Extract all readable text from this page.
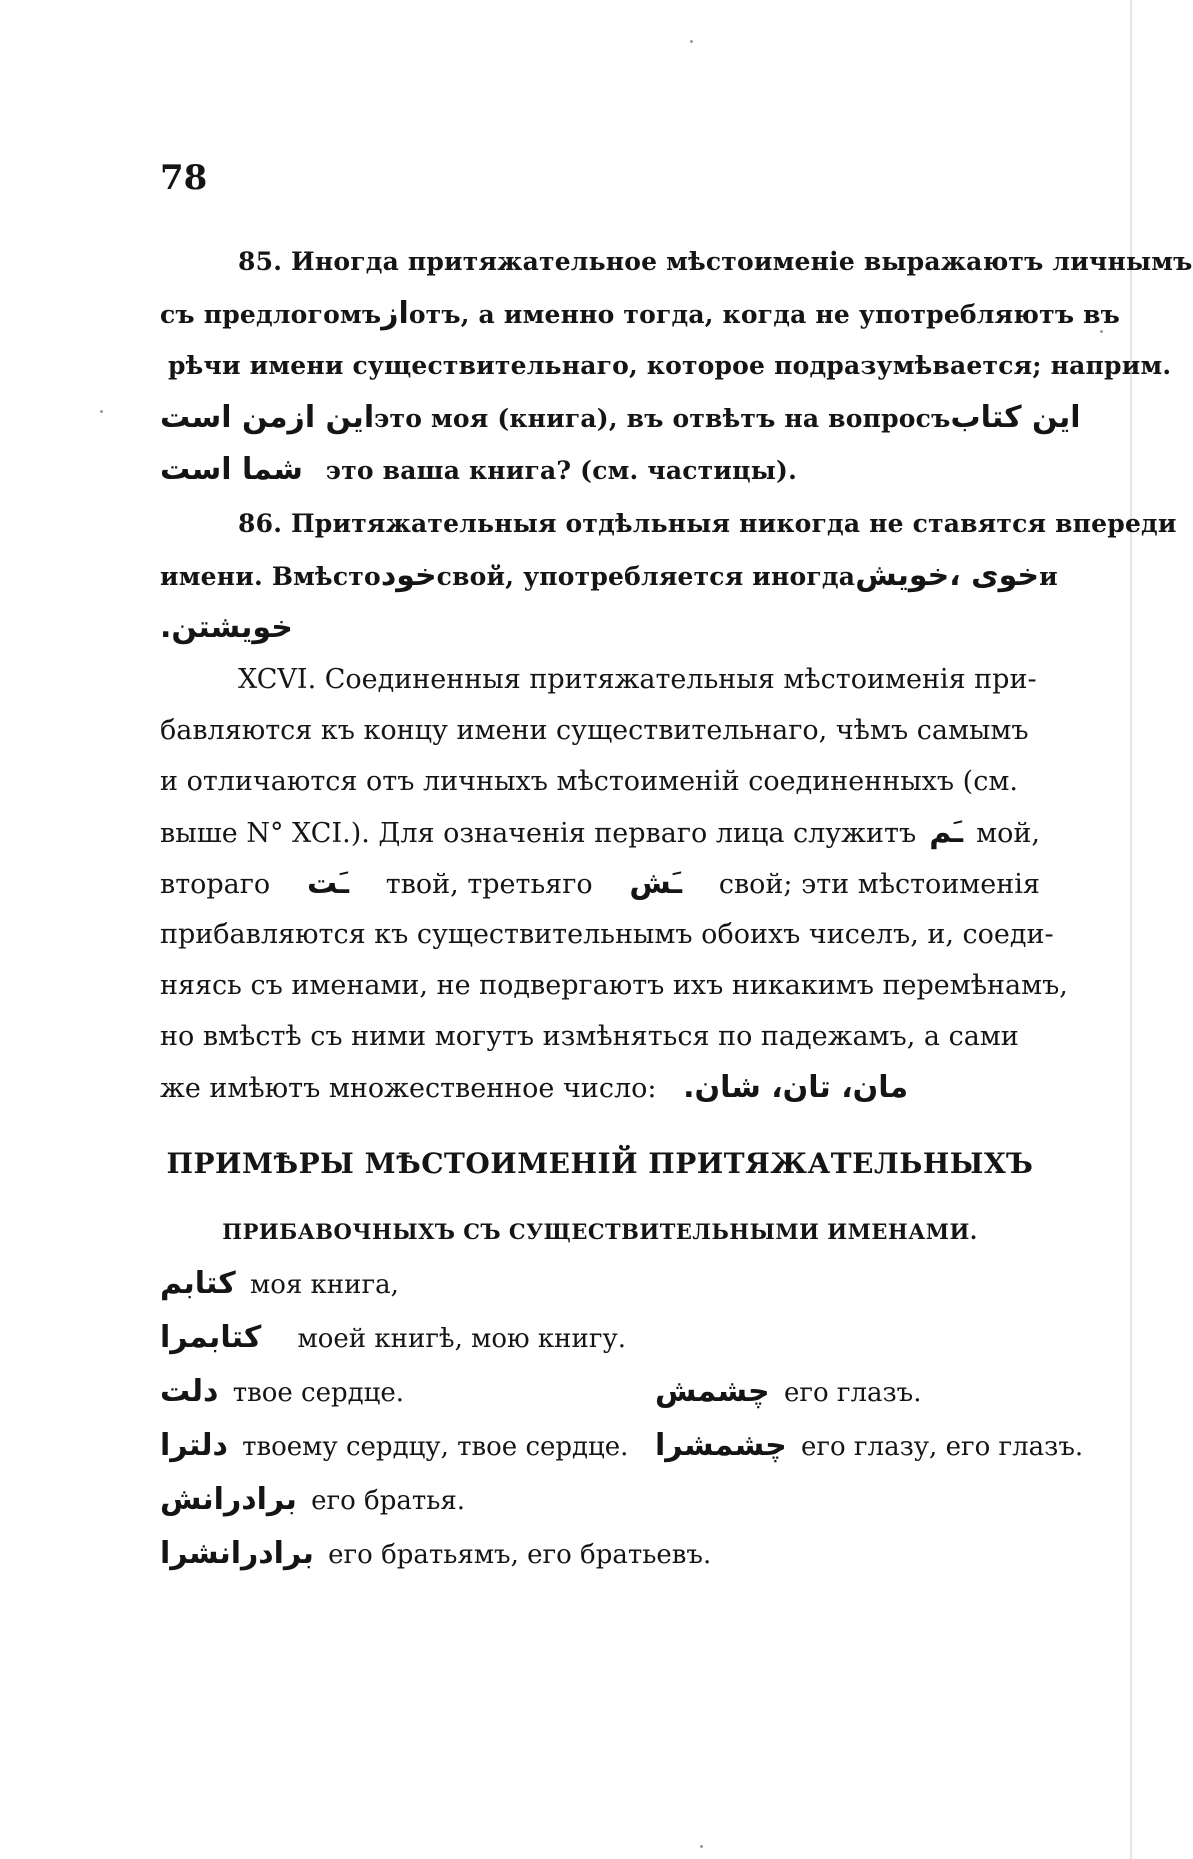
78
85. Иногда притяжательное мѣстоименіе выражаютъ личнымъ
съ предлогомъ از отъ, а именно тогда, когда не употребляютъ въ
рѣчи имени существительнаго, которое подразумѣвается; наприм.
این ازمن است это моя (книга), въ отвѣтъ на вопросъ این کتاب
شما است это ваша книга? (см. частицы).
86. Притяжательныя отдѣльныя никогда не ставятся впереди
имени. Вмѣсто خود свой, употребляется иногда خوی ،خویش и
خویشتن.
XCVI. Соединенныя притяжательныя мѣстоименія при-
бавляются къ концу имени существительнаго, чѣмъ самымъ
и отличаются отъ личныхъ мѣстоименій соединенныхъ (см.
выше N° XCI.). Для означенія перваго лица служитъ ـَم мой,
втораго ـَت твой, третьяго ـَش свой; эти мѣстоименія
прибавляются къ существительнымъ обоихъ чиселъ, и, соеди-
няясь съ именами, не подвергаютъ ихъ никакимъ перемѣнамъ,
но вмѣстѣ съ ними могутъ измѣняться по падежамъ, а сами
же имѣютъ множественное число: مان، تان، شان.
ПРИМѢРЫ МѢСТОИМЕНІЙ ПРИТЯЖАТЕЛЬНЫХЪ
ПРИБАВОЧНЫХЪ СЪ СУЩЕСТВИТЕЛЬНЫМИ ИМЕНАМИ.
کتابم моя книга,
کتابمرا моей книгѣ, мою книгу.
دلت твое сердце.
دلترا твоему сердцу, твое сердце.
برادرانش его братья.
برادرانشرا его братьямъ, его братьевъ.
چشمش его глазъ.
چشمشرا его глазу, его глазъ.
